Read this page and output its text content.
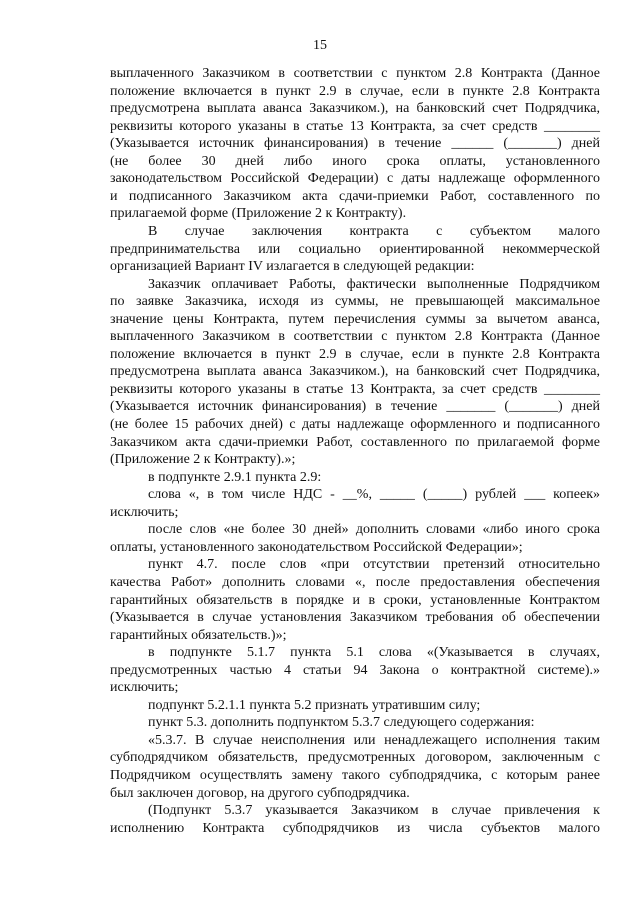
15
выплаченного Заказчиком в соответствии с пунктом 2.8 Контракта (Данное
положение включается в пункт 2.9 в случае, если в пункте 2.8 Контракта
предусмотрена выплата аванса Заказчиком.), на банковский счет Подрядчика,
реквизиты которого указаны в статье 13 Контракта, за счет средств ________
(Указывается источник финансирования) в течение ______ (_______) дней
(не более 30 дней либо иного срока оплаты, установленного
законодательством Российской Федерации) с даты надлежаще оформленного
и подписанного Заказчиком акта сдачи-приемки Работ, составленного по
прилагаемой форме (Приложение 2 к Контракту).
В случае заключения контракта с субъектом малого
предпринимательства или социально ориентированной некоммерческой
организацией Вариант IV излагается в следующей редакции:
Заказчик оплачивает Работы, фактически выполненные Подрядчиком
по заявке Заказчика, исходя из суммы, не превышающей максимальное
значение цены Контракта, путем перечисления суммы за вычетом аванса,
выплаченного Заказчиком в соответствии с пунктом 2.8 Контракта (Данное
положение включается в пункт 2.9 в случае, если в пункте 2.8 Контракта
предусмотрена выплата аванса Заказчиком.), на банковский счет Подрядчика,
реквизиты которого указаны в статье 13 Контракта, за счет средств ________
(Указывается источник финансирования) в течение _______ (_______) дней
(не более 15 рабочих дней) с даты надлежаще оформленного и подписанного
Заказчиком акта сдачи-приемки Работ, составленного по прилагаемой форме
(Приложение 2 к Контракту).»;
в подпункте 2.9.1 пункта 2.9:
слова «, в том числе НДС - __%, _____ (_____) рублей ___ копеек»
исключить;
после слов «не более 30 дней» дополнить словами «либо иного срока
оплаты, установленного законодательством Российской Федерации»;
пункт 4.7. после слов «при отсутствии претензий относительно
качества Работ» дополнить словами «, после предоставления обеспечения
гарантийных обязательств в порядке и в сроки, установленные Контрактом
(Указывается в случае установления Заказчиком требования об обеспечении
гарантийных обязательств.)»;
в подпункте 5.1.7 пункта 5.1 слова «(Указывается в случаях,
предусмотренных частью 4 статьи 94 Закона о контрактной системе).»
исключить;
подпункт 5.2.1.1 пункта 5.2 признать утратившим силу;
пункт 5.3. дополнить подпунктом 5.3.7 следующего содержания:
«5.3.7. В случае неисполнения или ненадлежащего исполнения таким
субподрядчиком обязательств, предусмотренных договором, заключенным с
Подрядчиком осуществлять замену такого субподрядчика, с которым ранее
был заключен договор, на другого субподрядчика.
(Подпункт 5.3.7 указывается Заказчиком в случае привлечения к
исполнению Контракта субподрядчиков из числа субъектов малого
